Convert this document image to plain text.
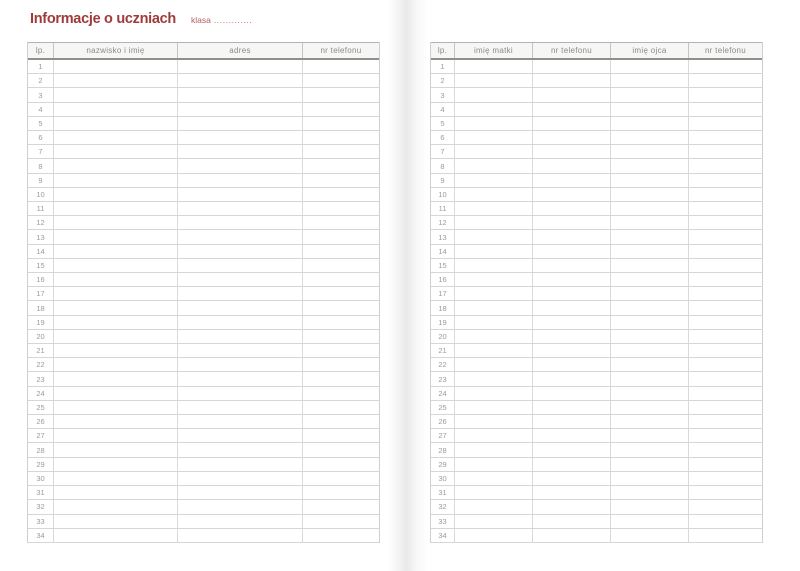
Informacje o uczniach klasa .............
lp.	nazwisko i imię	adres	nr telefonu
1
2
3
4
5
6
7
8
9
10
11
12
13
14
15
16
17
18
19
20
21
22
23
24
25
26
27
28
29
30
31
32
33
34
lp.	imię matki	nr telefonu	imię ojca	nr telefonu
1
2
3
4
5
6
7
8
9
10
11
12
13
14
15
16
17
18
19
20
21
22
23
24
25
26
27
28
29
30
31
32
33
34
